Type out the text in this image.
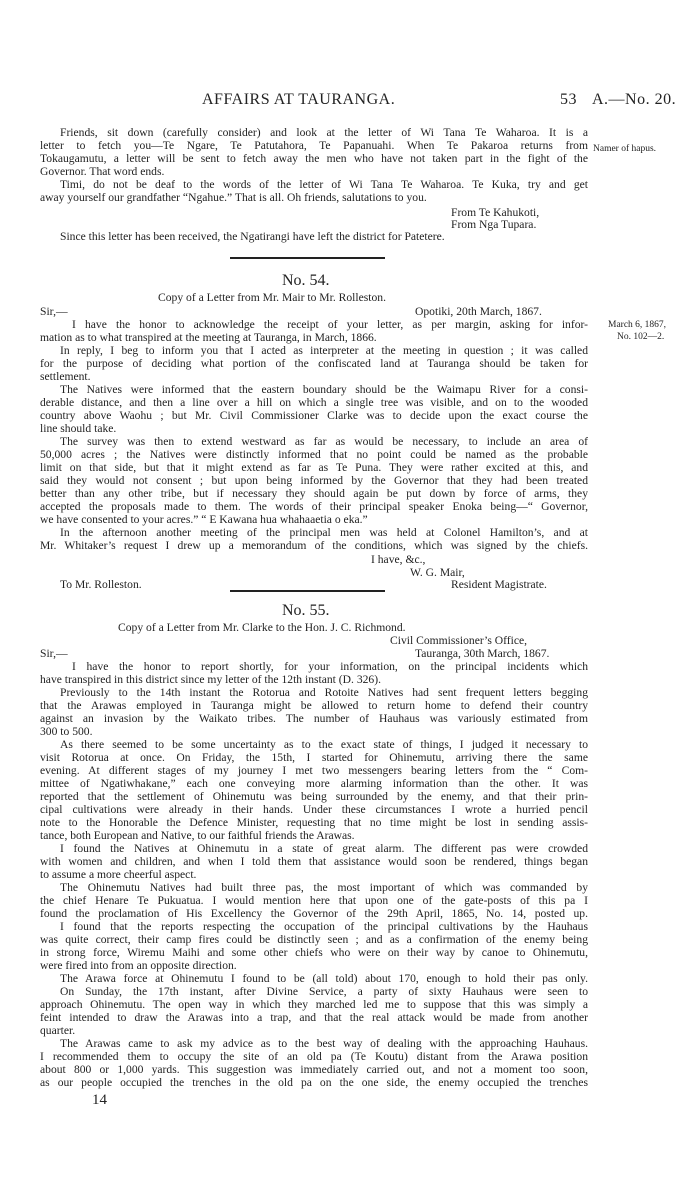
AFFAIRS AT TAURANGA.	53 A.—No. 20.
Namer of hapus.
March 6, 1867,
No. 102—2.
Friends, sit down (carefully consider) and look at the letter of Wi Tana Te Waharoa. It is a
letter to fetch you—Te Ngare, Te Patutahora, Te Papanuahi. When Te Pakaroa returns from
Tokaugamutu, a letter will be sent to fetch away the men who have not taken part in the fight of the
Governor. That word ends.
Timi, do not be deaf to the words of the letter of Wi Tana Te Waharoa. Te Kuka, try and get
away yourself our grandfather “Ngahue.” That is all. Oh friends, salutations to you.
From Te Kahukoti,
From Nga Tupara.
Since this letter has been received, the Ngatirangi have left the district for Patetere.
No. 54.
Copy of a Letter from Mr. Mair to Mr. Rolleston.
Sir,—	Opotiki, 20th March, 1867.
I have the honor to acknowledge the receipt of your letter, as per margin, asking for infor-
mation as to what transpired at the meeting at Tauranga, in March, 1866.
In reply, I beg to inform you that I acted as interpreter at the meeting in question ; it was called
for the purpose of deciding what portion of the confiscated land at Tauranga should be taken for
settlement.
The Natives were informed that the eastern boundary should be the Waimapu River for a consi-
derable distance, and then a line over a hill on which a single tree was visible, and on to the wooded
country above Waohu ; but Mr. Civil Commissioner Clarke was to decide upon the exact course the
line should take.
The survey was then to extend westward as far as would be necessary, to include an area of
50,000 acres ; the Natives were distinctly informed that no point could be named as the probable
limit on that side, but that it might extend as far as Te Puna. They were rather excited at this, and
said they would not consent ; but upon being informed by the Governor that they had been treated
better than any other tribe, but if necessary they should again be put down by force of arms, they
accepted the proposals made to them. The words of their principal speaker Enoka being—“ Governor,
we have consented to your acres.” “ E Kawana hua whahaaetia o eka.”
In the afternoon another meeting of the principal men was held at Colonel Hamilton’s, and at
Mr. Whitaker’s request I drew up a memorandum of the conditions, which was signed by the chiefs.
I have, &c.,
W. G. Mair,
To Mr. Rolleston.	Resident Magistrate.
No. 55.
Copy of a Letter from Mr. Clarke to the Hon. J. C. Richmond.
Civil Commissioner’s Office,
Sir,—	Tauranga, 30th March, 1867.
I have the honor to report shortly, for your information, on the principal incidents which
have transpired in this district since my letter of the 12th instant (D. 326).
Previously to the 14th instant the Rotorua and Rotoite Natives had sent frequent letters begging
that the Arawas employed in Tauranga might be allowed to return home to defend their country
against an invasion by the Waikato tribes. The number of Hauhaus was variously estimated from
300 to 500.
As there seemed to be some uncertainty as to the exact state of things, I judged it necessary to
visit Rotorua at once. On Friday, the 15th, I started for Ohinemutu, arriving there the same
evening. At different stages of my journey I met two messengers bearing letters from the “ Com-
mittee of Ngatiwhakane,” each one conveying more alarming information than the other. It was
reported that the settlement of Ohinemutu was being surrounded by the enemy, and that their prin-
cipal cultivations were already in their hands. Under these circumstances I wrote a hurried pencil
note to the Honorable the Defence Minister, requesting that no time might be lost in sending assis-
tance, both European and Native, to our faithful friends the Arawas.
I found the Natives at Ohinemutu in a state of great alarm. The different pas were crowded
with women and children, and when I told them that assistance would soon be rendered, things began
to assume a more cheerful aspect.
The Ohinemutu Natives had built three pas, the most important of which was commanded by
the chief Henare Te Pukuatua. I would mention here that upon one of the gate-posts of this pa I
found the proclamation of His Excellency the Governor of the 29th April, 1865, No. 14, posted up.
I found that the reports respecting the occupation of the principal cultivations by the Hauhaus
was quite correct, their camp fires could be distinctly seen ; and as a confirmation of the enemy being
in strong force, Wiremu Maihi and some other chiefs who were on their way by canoe to Ohinemutu,
were fired into from an opposite direction.
The Arawa force at Ohinemutu I found to be (all told) about 170, enough to hold their pas only.
On Sunday, the 17th instant, after Divine Service, a party of sixty Hauhaus were seen to
approach Ohinemutu. The open way in which they marched led me to suppose that this was simply a
feint intended to draw the Arawas into a trap, and that the real attack would be made from another
quarter.
The Arawas came to ask my advice as to the best way of dealing with the approaching Hauhaus.
I recommended them to occupy the site of an old pa (Te Koutu) distant from the Arawa position
about 800 or 1,000 yards. This suggestion was immediately carried out, and not a moment too soon,
as our people occupied the trenches in the old pa on the one side, the enemy occupied the trenches
14
